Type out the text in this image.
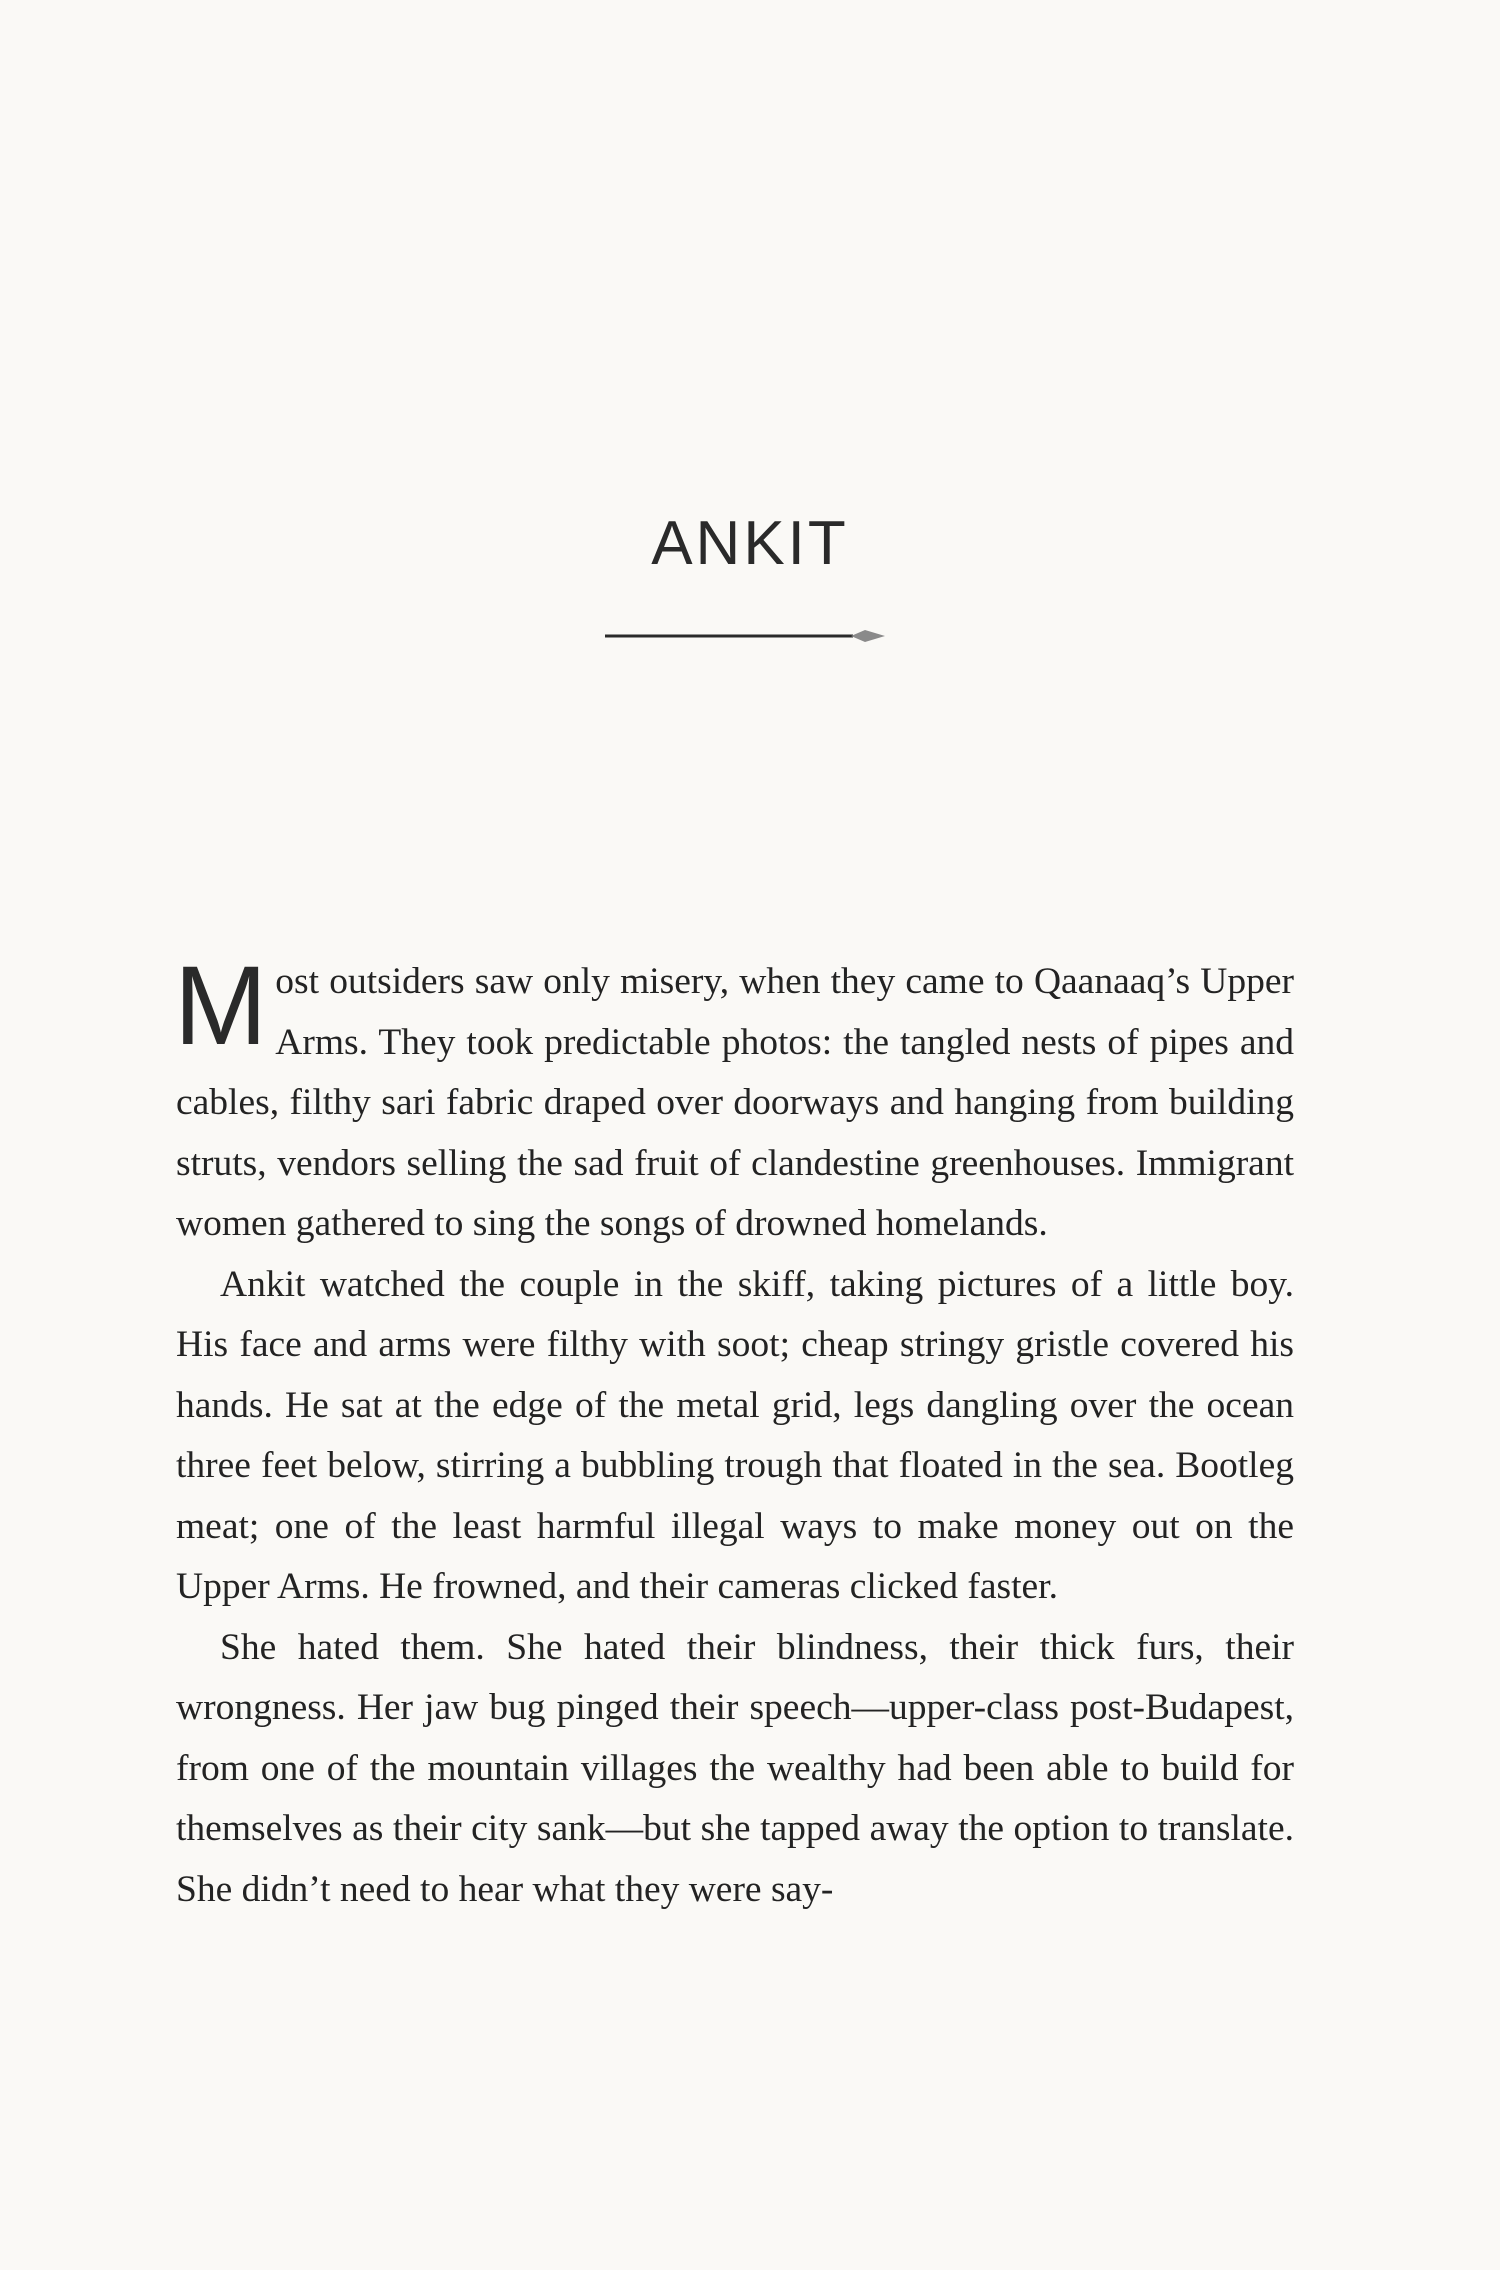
ANKIT

Most outsiders saw only misery, when they came to Qaanaaq’s Upper Arms. They took predictable photos: the tangled nests of pipes and cables, filthy sari fabric draped over doorways and hanging from building struts, vendors selling the sad fruit of clandestine greenhouses. Immigrant women gathered to sing the songs of drowned homelands.

Ankit watched the couple in the skiff, taking pictures of a little boy. His face and arms were filthy with soot; cheap stringy gristle covered his hands. He sat at the edge of the metal grid, legs dangling over the ocean three feet below, stirring a bubbling trough that floated in the sea. Bootleg meat; one of the least harmful illegal ways to make money out on the Upper Arms. He frowned, and their cameras clicked faster.

She hated them. She hated their blindness, their thick furs, their wrongness. Her jaw bug pinged their speech—upper-class post-Budapest, from one of the mountain villages the wealthy had been able to build for themselves as their city sank—but she tapped away the option to translate. She didn’t need to hear what they were say-
